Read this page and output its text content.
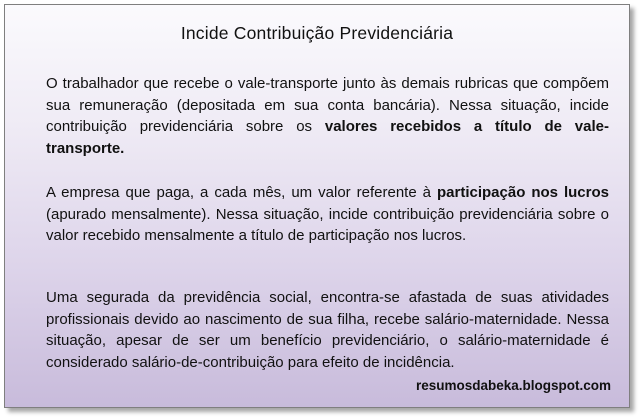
Incide Contribuição Previdenciária

O trabalhador que recebe o vale-transporte junto às demais rubricas que compõem sua remuneração (depositada em sua conta bancária). Nessa situação, incide contribuição previdenciária sobre os valores recebidos a título de vale-transporte.

A empresa que paga, a cada mês, um valor referente à participação nos lucros (apurado mensalmente). Nessa situação, incide contribuição previdenciária sobre o valor recebido mensalmente a título de participação nos lucros.

Uma segurada da previdência social, encontra-se afastada de suas atividades profissionais devido ao nascimento de sua filha, recebe salário-maternidade. Nessa situação, apesar de ser um benefício previdenciário, o salário-maternidade é considerado salário-de-contribuição para efeito de incidência.

resumosdabeka.blogspot.com
